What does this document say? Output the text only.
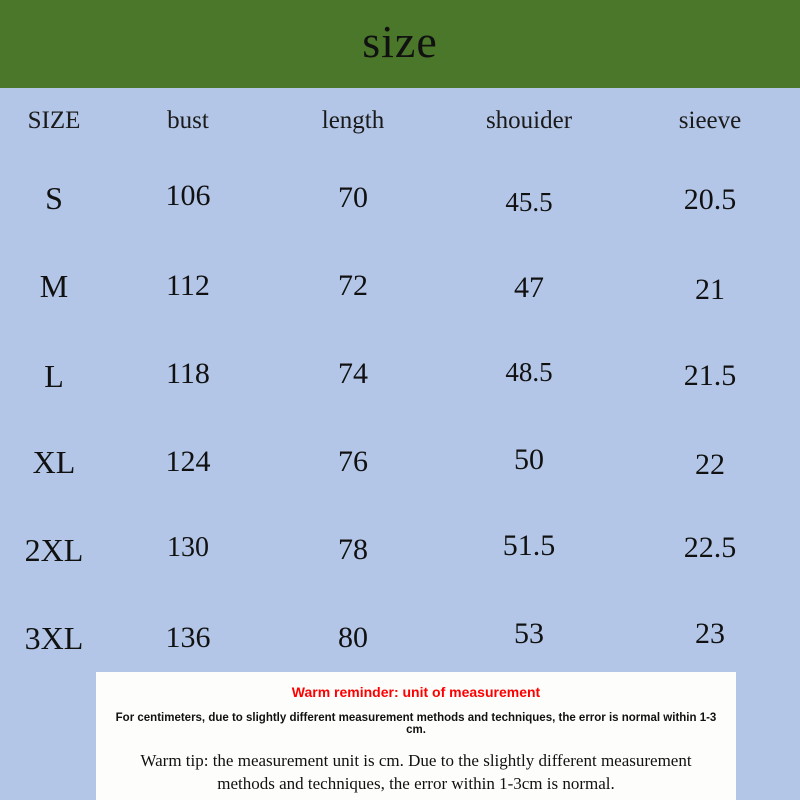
size
SIZE	bust	length	shouider	sieeve
S	106	70	45.5	20.5
M	112	72	47	21
L	118	74	48.5	21.5
XL	124	76	50	22
2XL	130	78	51.5	22.5
3XL	136	80	53	23
Warm reminder: unit of measurement
For centimeters, due to slightly different measurement methods and techniques, the error is normal within 1-3 cm.
Warm tip: the measurement unit is cm. Due to the slightly different measurement methods and techniques, the error within 1-3cm is normal.
